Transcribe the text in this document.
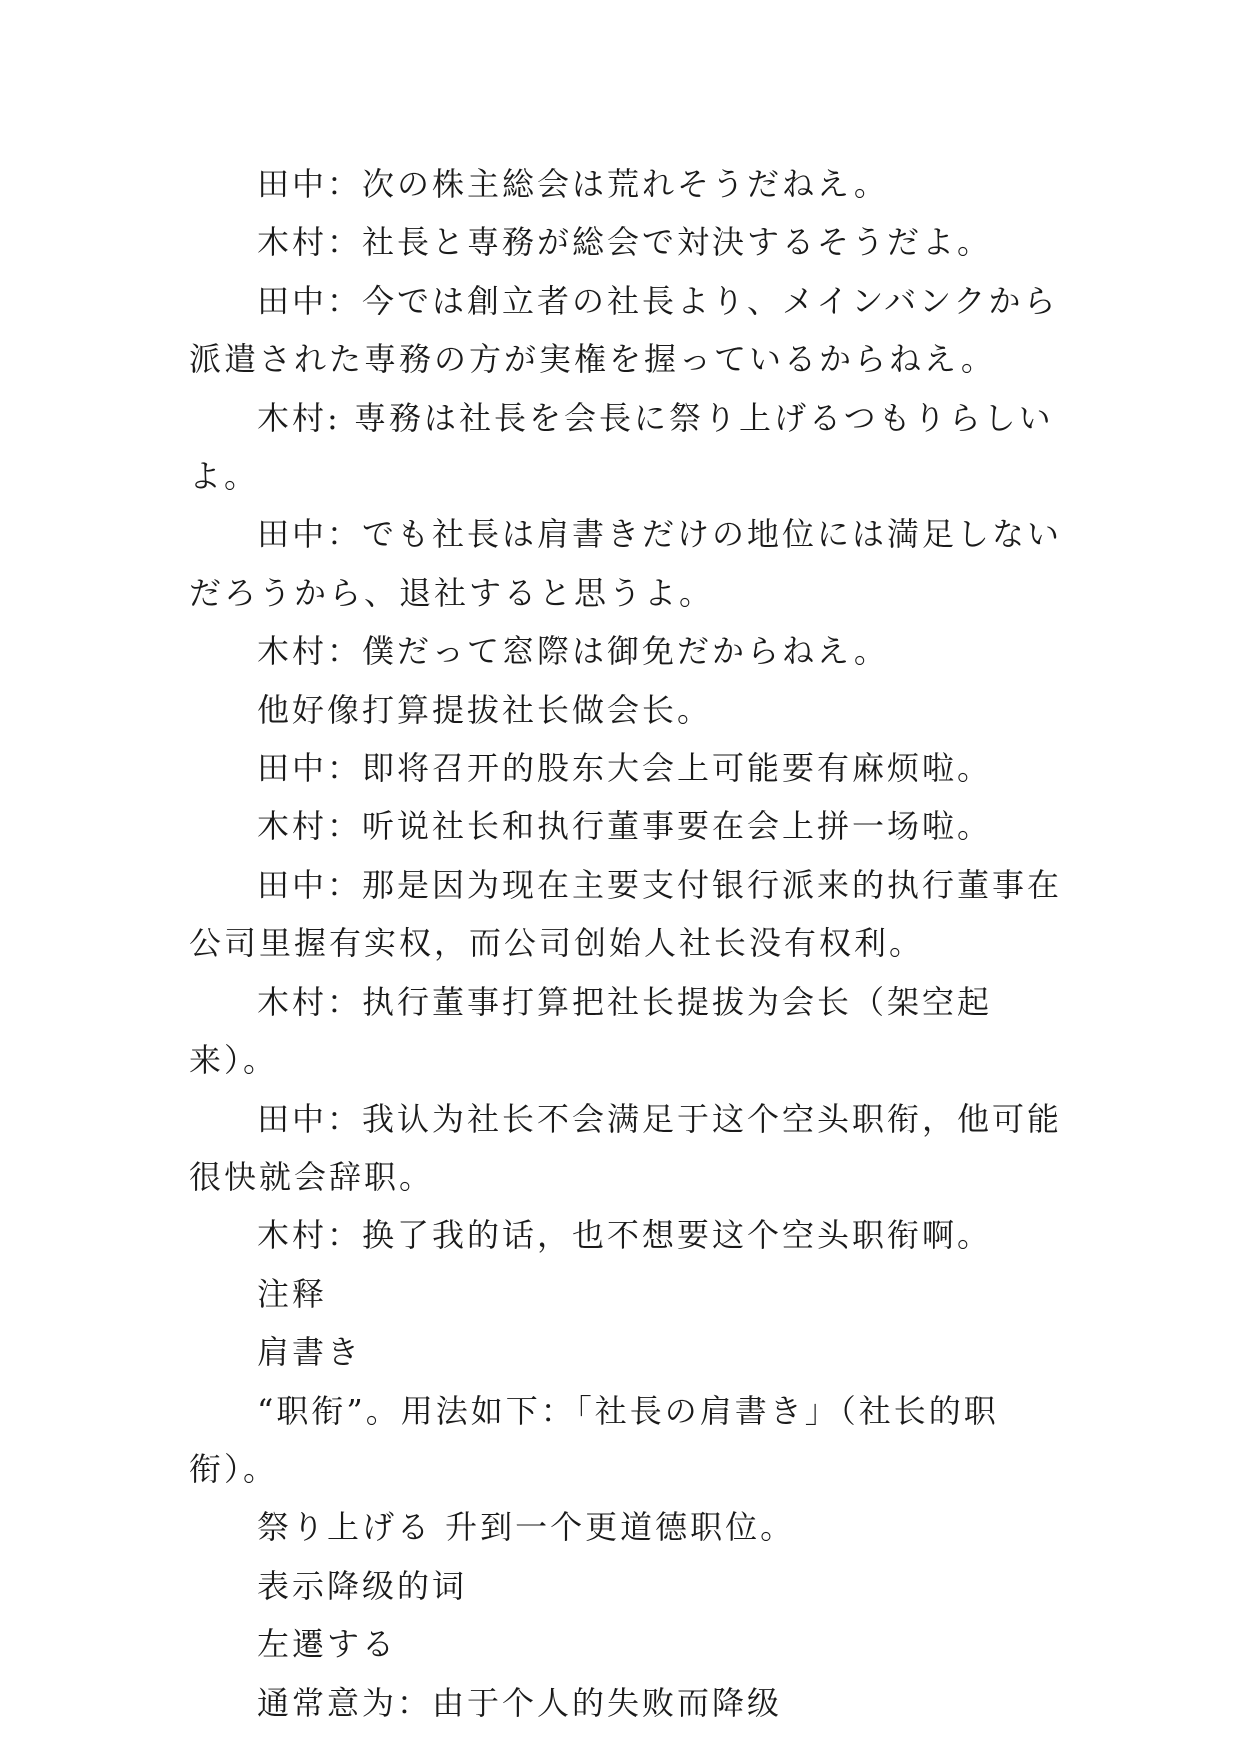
田中：次の株主総会は荒れそうだねえ。

木村：社長と専務が総会で対決するそうだよ。

田中：今では創立者の社長より、メインバンクから派遣された専務の方が実権を握っているからねえ。

木村: 専務は社長を会長に祭り上げるつもりらしいよ。

田中：でも社長は肩書きだけの地位には満足しないだろうから、退社すると思うよ。

木村：僕だって窓際は御免だからねえ。

他好像打算提拔社长做会长。

田中：即将召开的股东大会上可能要有麻烦啦。

木村：听说社长和执行董事要在会上拼一场啦。

田中：那是因为现在主要支付银行派来的执行董事在公司里握有实权，而公司创始人社长没有权利。

木村：执行董事打算把社长提拔为会长（架空起来）。

田中：我认为社长不会满足于这个空头职衔，他可能很快就会辞职。

木村：换了我的话，也不想要这个空头职衔啊。

注释

肩書き

“职衔”。用法如下：「社長の肩書き」（社长的职衔）。

祭り上げる 升到一个更道德职位。

表示降级的词

左遷する

通常意为：由于个人的失败而降级
